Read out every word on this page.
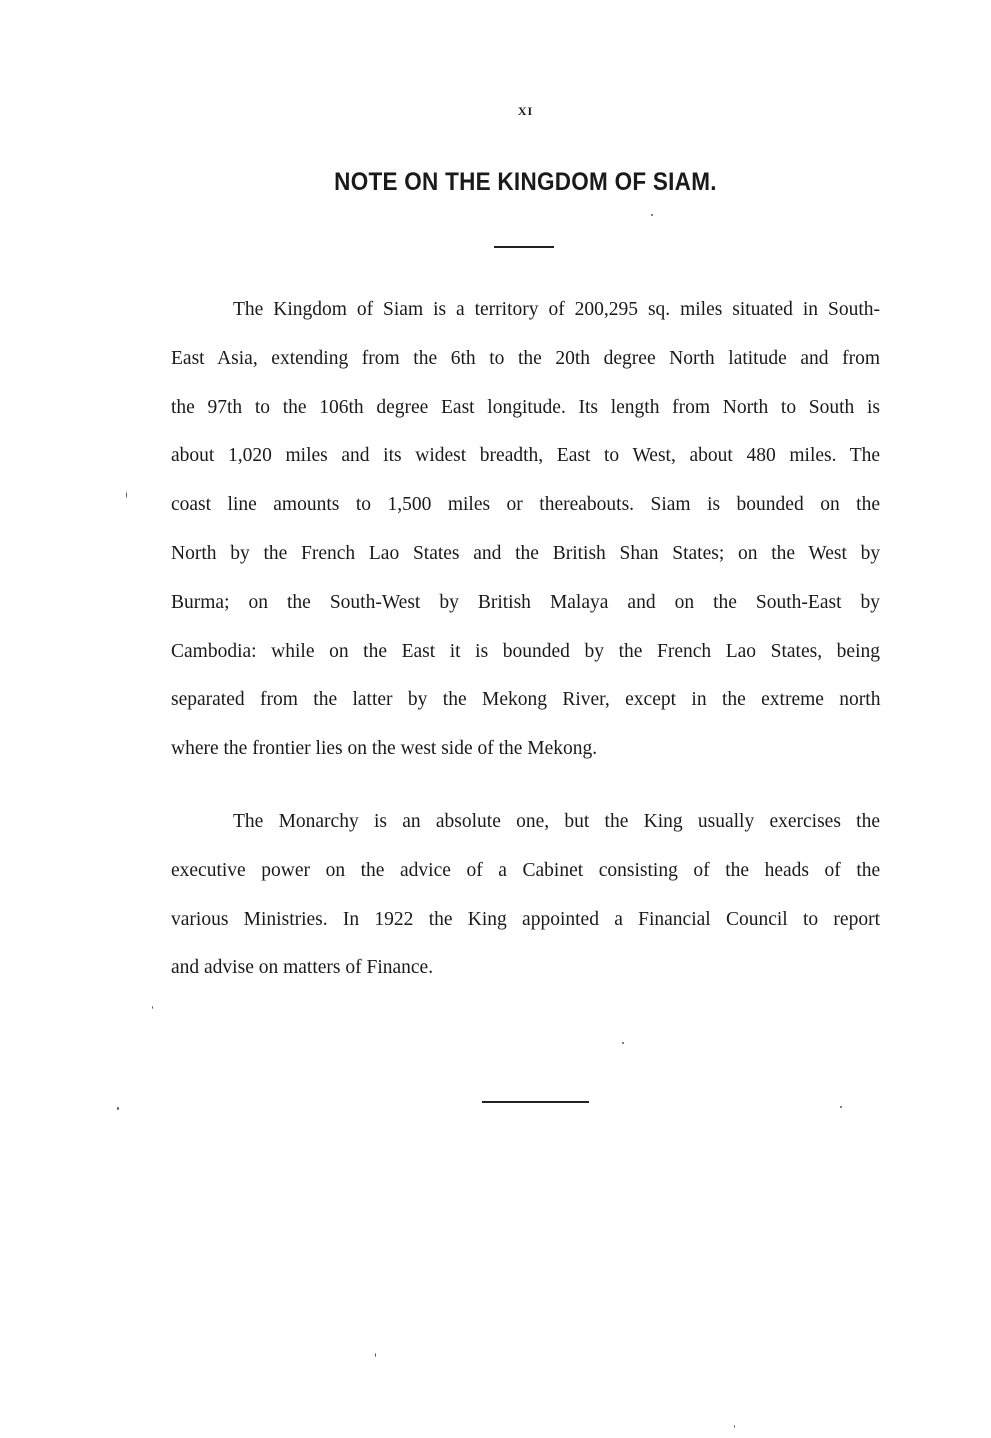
XI
NOTE ON THE KINGDOM OF SIAM.

The Kingdom of Siam is a territory of 200,295 sq. miles situated in South-
East Asia, extending from the 6th to the 20th degree North latitude and from
the 97th to the 106th degree East longitude. Its length from North to South is
about 1,020 miles and its widest breadth, East to West, about 480 miles. The
coast line amounts to 1,500 miles or thereabouts. Siam is bounded on the
North by the French Lao States and the British Shan States; on the West by
Burma; on the South-West by British Malaya and on the South-East by
Cambodia: while on the East it is bounded by the French Lao States, being
separated from the latter by the Mekong River, except in the extreme north
where the frontier lies on the west side of the Mekong.

The Monarchy is an absolute one, but the King usually exercises the
executive power on the advice of a Cabinet consisting of the heads of the
various Ministries. In 1922 the King appointed a Financial Council to report
and advise on matters of Finance.
